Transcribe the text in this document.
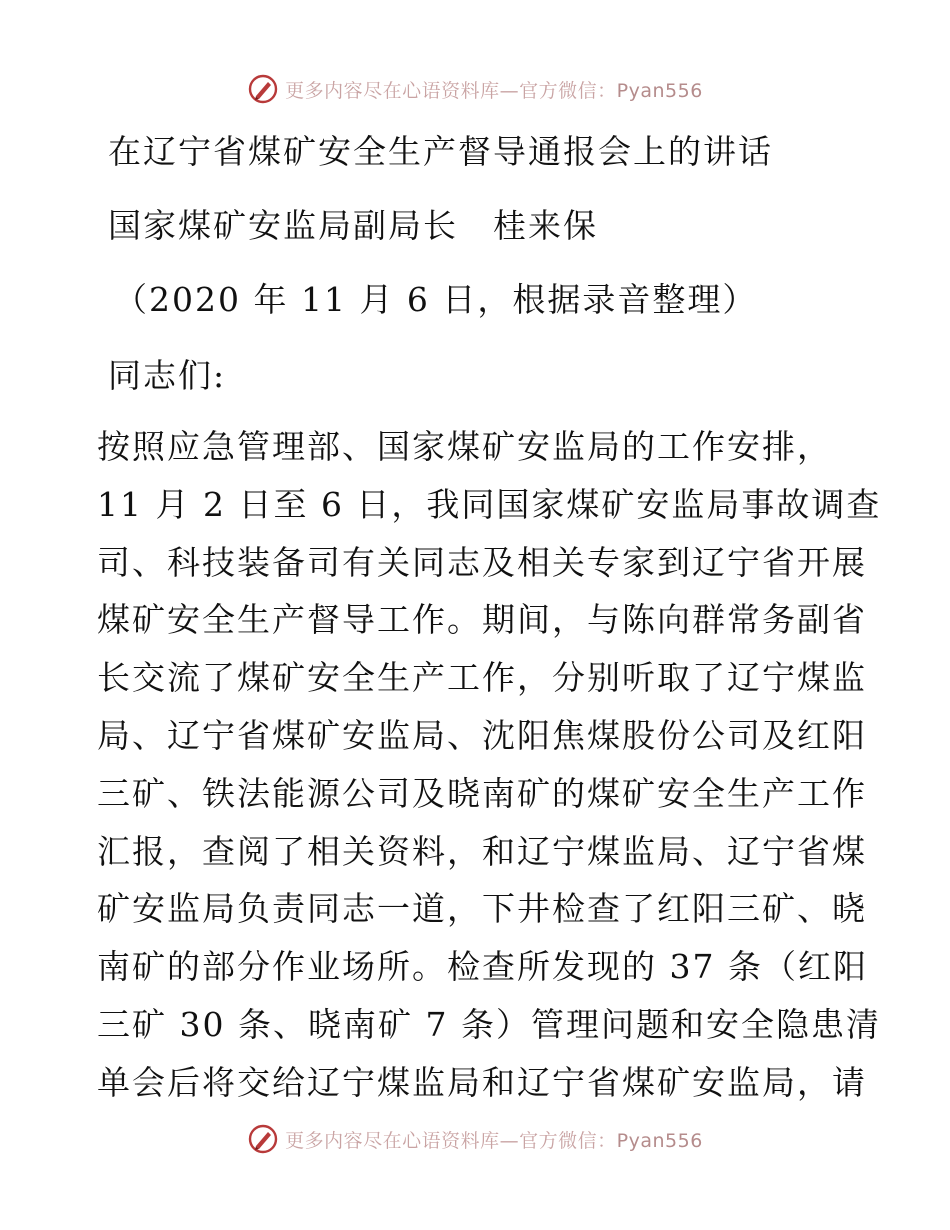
更多内容尽在心语资料库—官方微信：Pyan556
在辽宁省煤矿安全生产督导通报会上的讲话
国家煤矿安监局副局长　桂来保
（2020 年 11 月 6 日，根据录音整理）
同志们:
按照应急管理部、国家煤矿安监局的工作安排，
11 月 2 日至 6 日，我同国家煤矿安监局事故调查
司、科技装备司有关同志及相关专家到辽宁省开展
煤矿安全生产督导工作。期间，与陈向群常务副省
长交流了煤矿安全生产工作，分别听取了辽宁煤监
局、辽宁省煤矿安监局、沈阳焦煤股份公司及红阳
三矿、铁法能源公司及晓南矿的煤矿安全生产工作
汇报，查阅了相关资料，和辽宁煤监局、辽宁省煤
矿安监局负责同志一道，下井检查了红阳三矿、晓
南矿的部分作业场所。检查所发现的 37 条（红阳
三矿 30 条、晓南矿 7 条）管理问题和安全隐患清
单会后将交给辽宁煤监局和辽宁省煤矿安监局，请
更多内容尽在心语资料库—官方微信：Pyan556
